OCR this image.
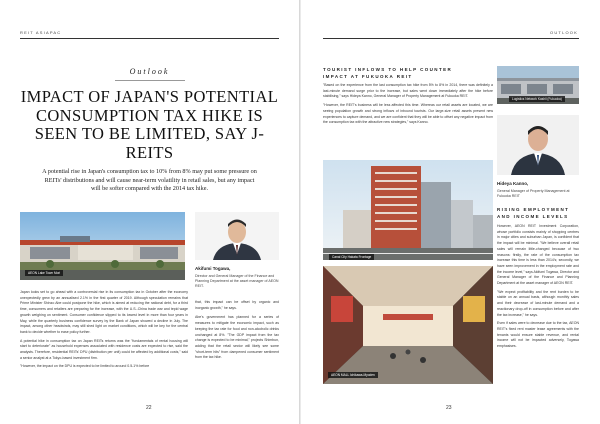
REIT ASIAPAC
Outlook
IMPACT OF JAPAN'S POTENTIAL CONSUMPTION TAX HIKE IS SEEN TO BE LIMITED, SAY J-REITS
A potential rise in Japan's consumption tax to 10% from 8% may put some pressure on REITs' distributions and will cause near-term volatility in retail sales, but any impact will be softer compared with the 2014 tax hike.
AEON Lake Town Mori
Akifumi Togawa,
Director and General Manager of the Finance and Planning Department at the asset manager of AEON REIT.

Japan looks set to go ahead with a controversial rise in its consumption tax in October after the economy unexpectedly grew by an annualised 2.1% in the first quarter of 2019. Although speculation remains that Prime Minister Shinzo Abe could postpone the hike, which is aimed at reducing the national debt, for a third time, consumers and retailers are preparing for the increase, with the U.S.-China trade war and tepid wage growth weighing on sentiment. Consumer confidence slipped to its lowest level in more than four years in May, while the quarterly business confidence survey by the Bank of Japan showed a decline in July. The impact, among other headwinds, may still shed light on market conditions, which will be key for the central bank to decide whether to ease policy further.

A potential hike in consumption tax on Japan REITs returns was the "fundamentals of rental housing will start to deteriorate" as household expenses associated with residence costs are expected to rise, said the analysts. Therefore, residential REITs' DPU (distribution per unit) could be affected by additional costs," said a senior analyst at a Tokyo-based investment firm.

"However, the impact on the DPU is expected to be limited to around 0.5-1% before

that, this impact can be offset by organic and inorganic growth," he says.

Abe's government has planned for a series of measures to mitigate the economic impact, such as keeping the tax rate for food and non-alcoholic drinks unchanged at 8%. "The GDP impact from the tax change is expected to be minimal," projects Shimbun, adding that the retail sector will likely see some "short-term hits" from dampened consumer sentiment from the tax hike.

22
OUTLOOK
TOURIST INFLOWS TO HELP COUNTER IMPACT AT FUKUOKA REIT

"Based on the experience from the last consumption tax hike from 5% to 8% in 2014, there was definitely a last-minute demand surge prior to the increase, but sales went down immediately after the hike before stabilising," says Hideya Kanno, General Manager of Property Management at Fukuoka REIT.

"However, the REIT's business will be less affected this time. Whereas our retail assets are located, we are seeing population growth and strong inflows of inbound tourists. Our large-size retail assets present new experiences to capture demand, and we are confident that they will be able to offset any negative impact from the consumption tax with the attractive new strategies," says Kanno.

Logistics Network Kashii (Fukuoka)
Canal City Hakata Frontage
Hideya Kanno,
General Manager of Property Management at Fukuoka REIT
RISING EMPLOYMENT AND INCOME LEVELS

However, AEON REIT Investment Corporation, whose portfolio consists mainly of shopping centres in major cities and suburban Japan, is confident that the impact will be minimal. "We believe overall retail sales will remain little-changed because of two reasons: firstly, the rate of the consumption tax increase this time is less than 2014's; secondly, we have seen improvement in the employment rate and the income level," says Akifumi Togawa, Director and General Manager of the Finance and Planning Department at the asset manager of AEON REIT.

"We expect profitability and the rent burden to be stable on an annual basis, although monthly sales and their decrease of last-minute demand and a reactionary drop-off in consumption before and after the tax increase," he says.

Even if sales were to decrease due to the tax, AEON REIT's fixed rent master lease agreements with the tenants would ensure stable revenue, and rental income will not be impacted adversely, Togawa emphasises.

AEON MALL Ichikawa-Myoden
23
